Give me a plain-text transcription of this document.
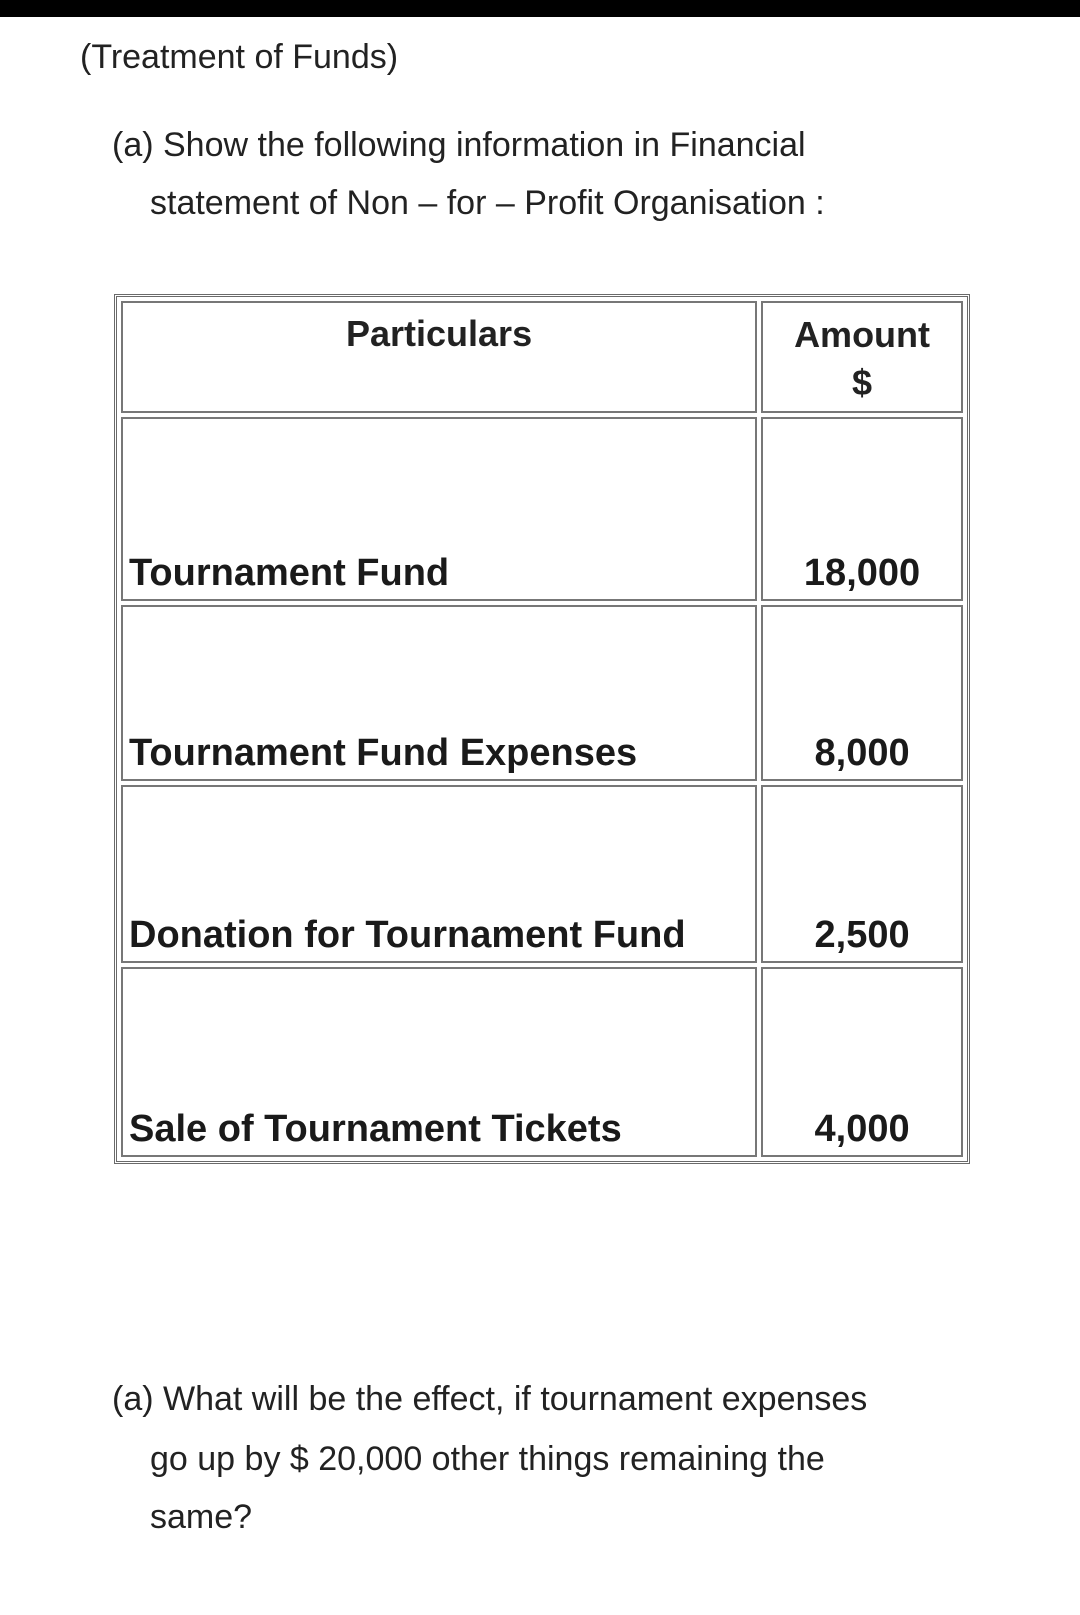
(Treatment of Funds)
(a) Show the following information in Financial
statement of Non – for – Profit Organisation :
Particulars	Amount
$

Tournament Fund	18,000
Tournament Fund Expenses	8,000
Donation for Tournament Fund	2,500
Sale of Tournament Tickets	4,000
(a) What will be the effect, if tournament expenses
go up by $ 20,000 other things remaining the
same?
